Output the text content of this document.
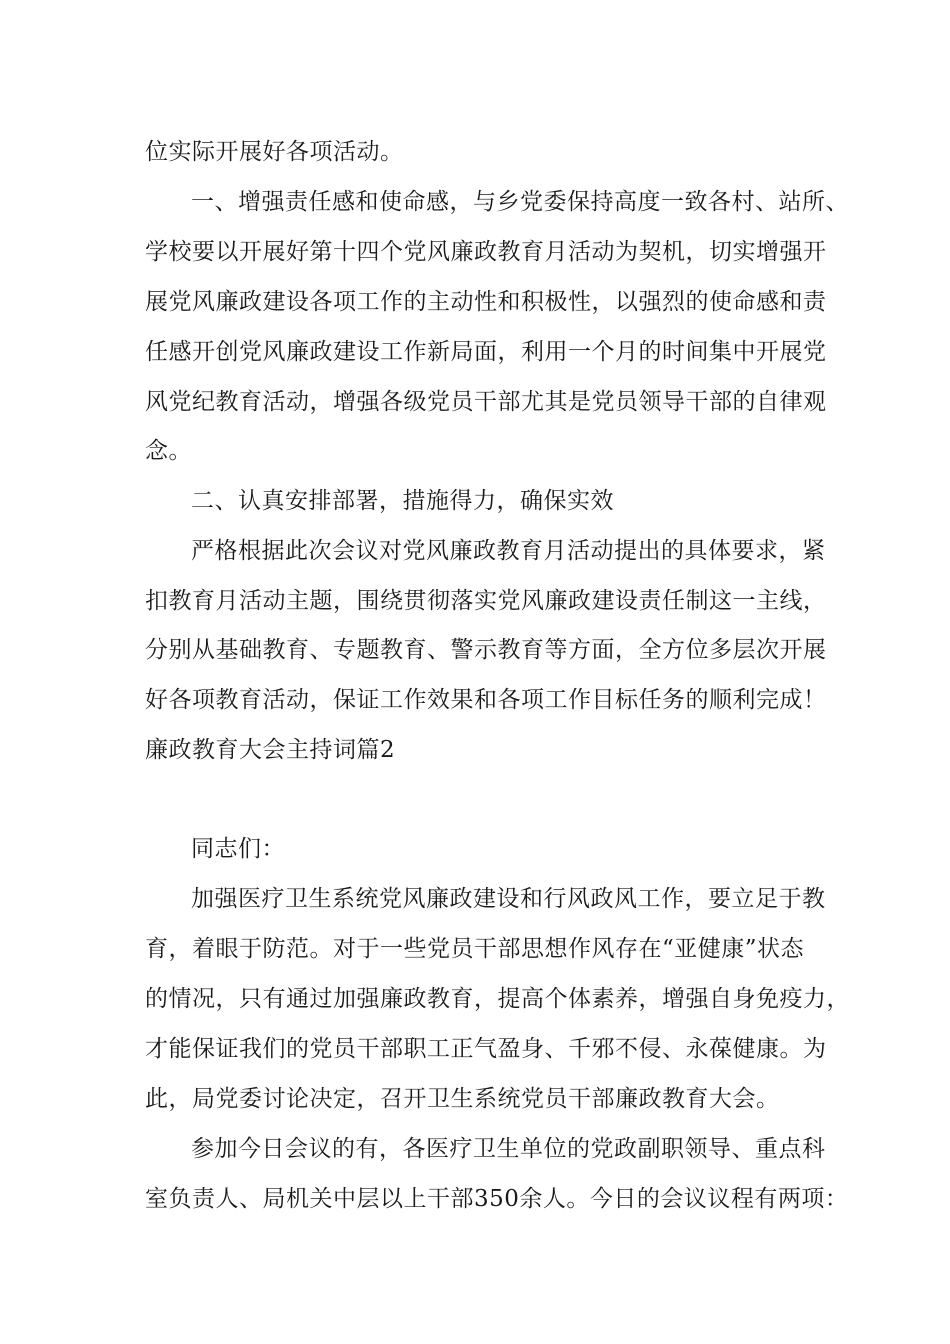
位实际开展好各项活动。
一、增强责任感和使命感，与乡党委保持高度一致各村、站所、
学校要以开展好第十四个党风廉政教育月活动为契机，切实增强开
展党风廉政建设各项工作的主动性和积极性，以强烈的使命感和责
任感开创党风廉政建设工作新局面，利用一个月的时间集中开展党
风党纪教育活动，增强各级党员干部尤其是党员领导干部的自律观
念。
二、认真安排部署，措施得力，确保实效
严格根据此次会议对党风廉政教育月活动提出的具体要求，紧
扣教育月活动主题，围绕贯彻落实党风廉政建设责任制这一主线，
分别从基础教育、专题教育、警示教育等方面，全方位多层次开展
好各项教育活动，保证工作效果和各项工作目标任务的顺利完成！
廉政教育大会主持词篇2
同志们：
加强医疗卫生系统党风廉政建设和行风政风工作，要立足于教
育，着眼于防范。对于一些党员干部思想作风存在“亚健康”状态
的情况，只有通过加强廉政教育，提高个体素养，增强自身免疫力，
才能保证我们的党员干部职工正气盈身、千邪不侵、永葆健康。为
此，局党委讨论决定，召开卫生系统党员干部廉政教育大会。
参加今日会议的有，各医疗卫生单位的党政副职领导、重点科
室负责人、局机关中层以上干部350余人。今日的会议议程有两项：
